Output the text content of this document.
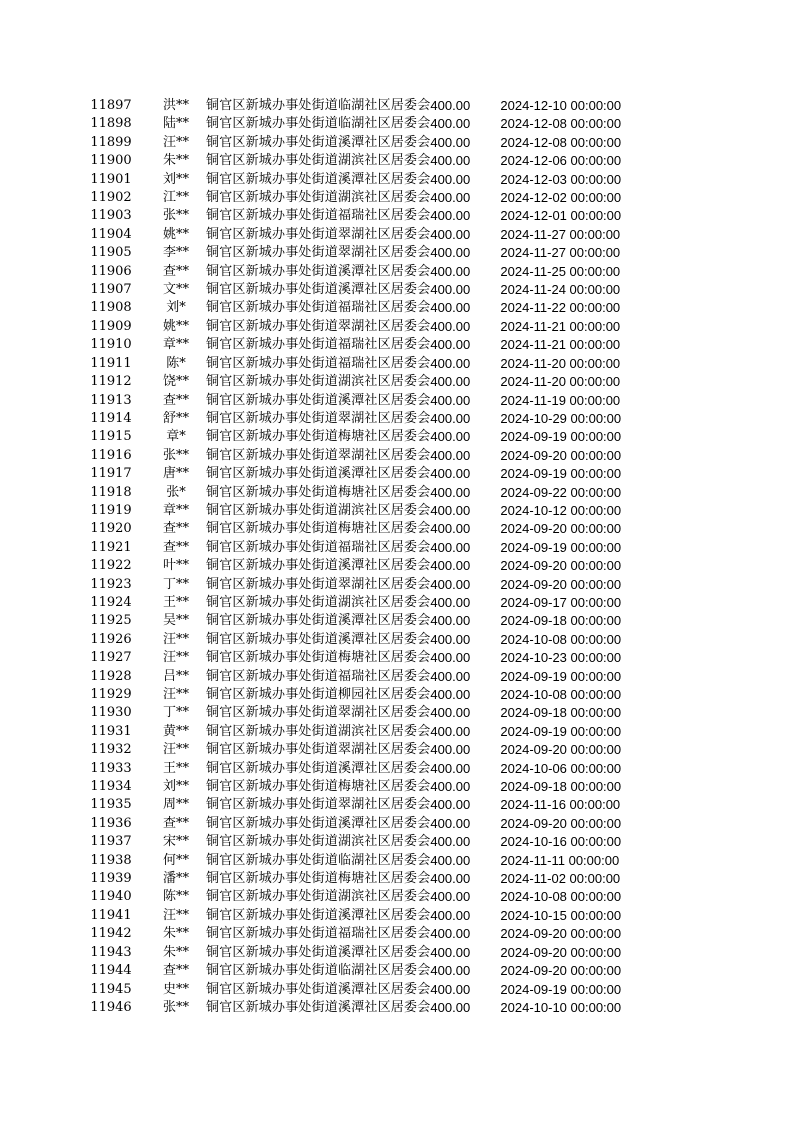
11897	洪**	铜官区新城办事处街道临湖社区居委会	400.00	2024-12-10 00:00:00
11898	陆**	铜官区新城办事处街道临湖社区居委会	400.00	2024-12-08 00:00:00
11899	汪**	铜官区新城办事处街道溪潭社区居委会	400.00	2024-12-08 00:00:00
11900	朱**	铜官区新城办事处街道湖滨社区居委会	400.00	2024-12-06 00:00:00
11901	刘**	铜官区新城办事处街道溪潭社区居委会	400.00	2024-12-03 00:00:00
11902	江**	铜官区新城办事处街道湖滨社区居委会	400.00	2024-12-02 00:00:00
11903	张**	铜官区新城办事处街道福瑞社区居委会	400.00	2024-12-01 00:00:00
11904	姚**	铜官区新城办事处街道翠湖社区居委会	400.00	2024-11-27 00:00:00
11905	李**	铜官区新城办事处街道翠湖社区居委会	400.00	2024-11-27 00:00:00
11906	查**	铜官区新城办事处街道溪潭社区居委会	400.00	2024-11-25 00:00:00
11907	文**	铜官区新城办事处街道溪潭社区居委会	400.00	2024-11-24 00:00:00
11908	刘*	铜官区新城办事处街道福瑞社区居委会	400.00	2024-11-22 00:00:00
11909	姚**	铜官区新城办事处街道翠湖社区居委会	400.00	2024-11-21 00:00:00
11910	章**	铜官区新城办事处街道福瑞社区居委会	400.00	2024-11-21 00:00:00
11911	陈*	铜官区新城办事处街道福瑞社区居委会	400.00	2024-11-20 00:00:00
11912	饶**	铜官区新城办事处街道湖滨社区居委会	400.00	2024-11-20 00:00:00
11913	查**	铜官区新城办事处街道溪潭社区居委会	400.00	2024-11-19 00:00:00
11914	舒**	铜官区新城办事处街道翠湖社区居委会	400.00	2024-10-29 00:00:00
11915	章*	铜官区新城办事处街道梅塘社区居委会	400.00	2024-09-19 00:00:00
11916	张**	铜官区新城办事处街道翠湖社区居委会	400.00	2024-09-20 00:00:00
11917	唐**	铜官区新城办事处街道溪潭社区居委会	400.00	2024-09-19 00:00:00
11918	张*	铜官区新城办事处街道梅塘社区居委会	400.00	2024-09-22 00:00:00
11919	章**	铜官区新城办事处街道湖滨社区居委会	400.00	2024-10-12 00:00:00
11920	查**	铜官区新城办事处街道梅塘社区居委会	400.00	2024-09-20 00:00:00
11921	查**	铜官区新城办事处街道福瑞社区居委会	400.00	2024-09-19 00:00:00
11922	叶**	铜官区新城办事处街道溪潭社区居委会	400.00	2024-09-20 00:00:00
11923	丁**	铜官区新城办事处街道翠湖社区居委会	400.00	2024-09-20 00:00:00
11924	王**	铜官区新城办事处街道湖滨社区居委会	400.00	2024-09-17 00:00:00
11925	吴**	铜官区新城办事处街道溪潭社区居委会	400.00	2024-09-18 00:00:00
11926	汪**	铜官区新城办事处街道溪潭社区居委会	400.00	2024-10-08 00:00:00
11927	汪**	铜官区新城办事处街道梅塘社区居委会	400.00	2024-10-23 00:00:00
11928	吕**	铜官区新城办事处街道福瑞社区居委会	400.00	2024-09-19 00:00:00
11929	汪**	铜官区新城办事处街道柳园社区居委会	400.00	2024-10-08 00:00:00
11930	丁**	铜官区新城办事处街道翠湖社区居委会	400.00	2024-09-18 00:00:00
11931	黄**	铜官区新城办事处街道湖滨社区居委会	400.00	2024-09-19 00:00:00
11932	汪**	铜官区新城办事处街道翠湖社区居委会	400.00	2024-09-20 00:00:00
11933	王**	铜官区新城办事处街道溪潭社区居委会	400.00	2024-10-06 00:00:00
11934	刘**	铜官区新城办事处街道梅塘社区居委会	400.00	2024-09-18 00:00:00
11935	周**	铜官区新城办事处街道翠湖社区居委会	400.00	2024-11-16 00:00:00
11936	查**	铜官区新城办事处街道溪潭社区居委会	400.00	2024-09-20 00:00:00
11937	宋**	铜官区新城办事处街道湖滨社区居委会	400.00	2024-10-16 00:00:00
11938	何**	铜官区新城办事处街道临湖社区居委会	400.00	2024-11-11 00:00:00
11939	潘**	铜官区新城办事处街道梅塘社区居委会	400.00	2024-11-02 00:00:00
11940	陈**	铜官区新城办事处街道湖滨社区居委会	400.00	2024-10-08 00:00:00
11941	汪**	铜官区新城办事处街道溪潭社区居委会	400.00	2024-10-15 00:00:00
11942	朱**	铜官区新城办事处街道福瑞社区居委会	400.00	2024-09-20 00:00:00
11943	朱**	铜官区新城办事处街道溪潭社区居委会	400.00	2024-09-20 00:00:00
11944	查**	铜官区新城办事处街道临湖社区居委会	400.00	2024-09-20 00:00:00
11945	史**	铜官区新城办事处街道溪潭社区居委会	400.00	2024-09-19 00:00:00
11946	张**	铜官区新城办事处街道溪潭社区居委会	400.00	2024-10-10 00:00:00
